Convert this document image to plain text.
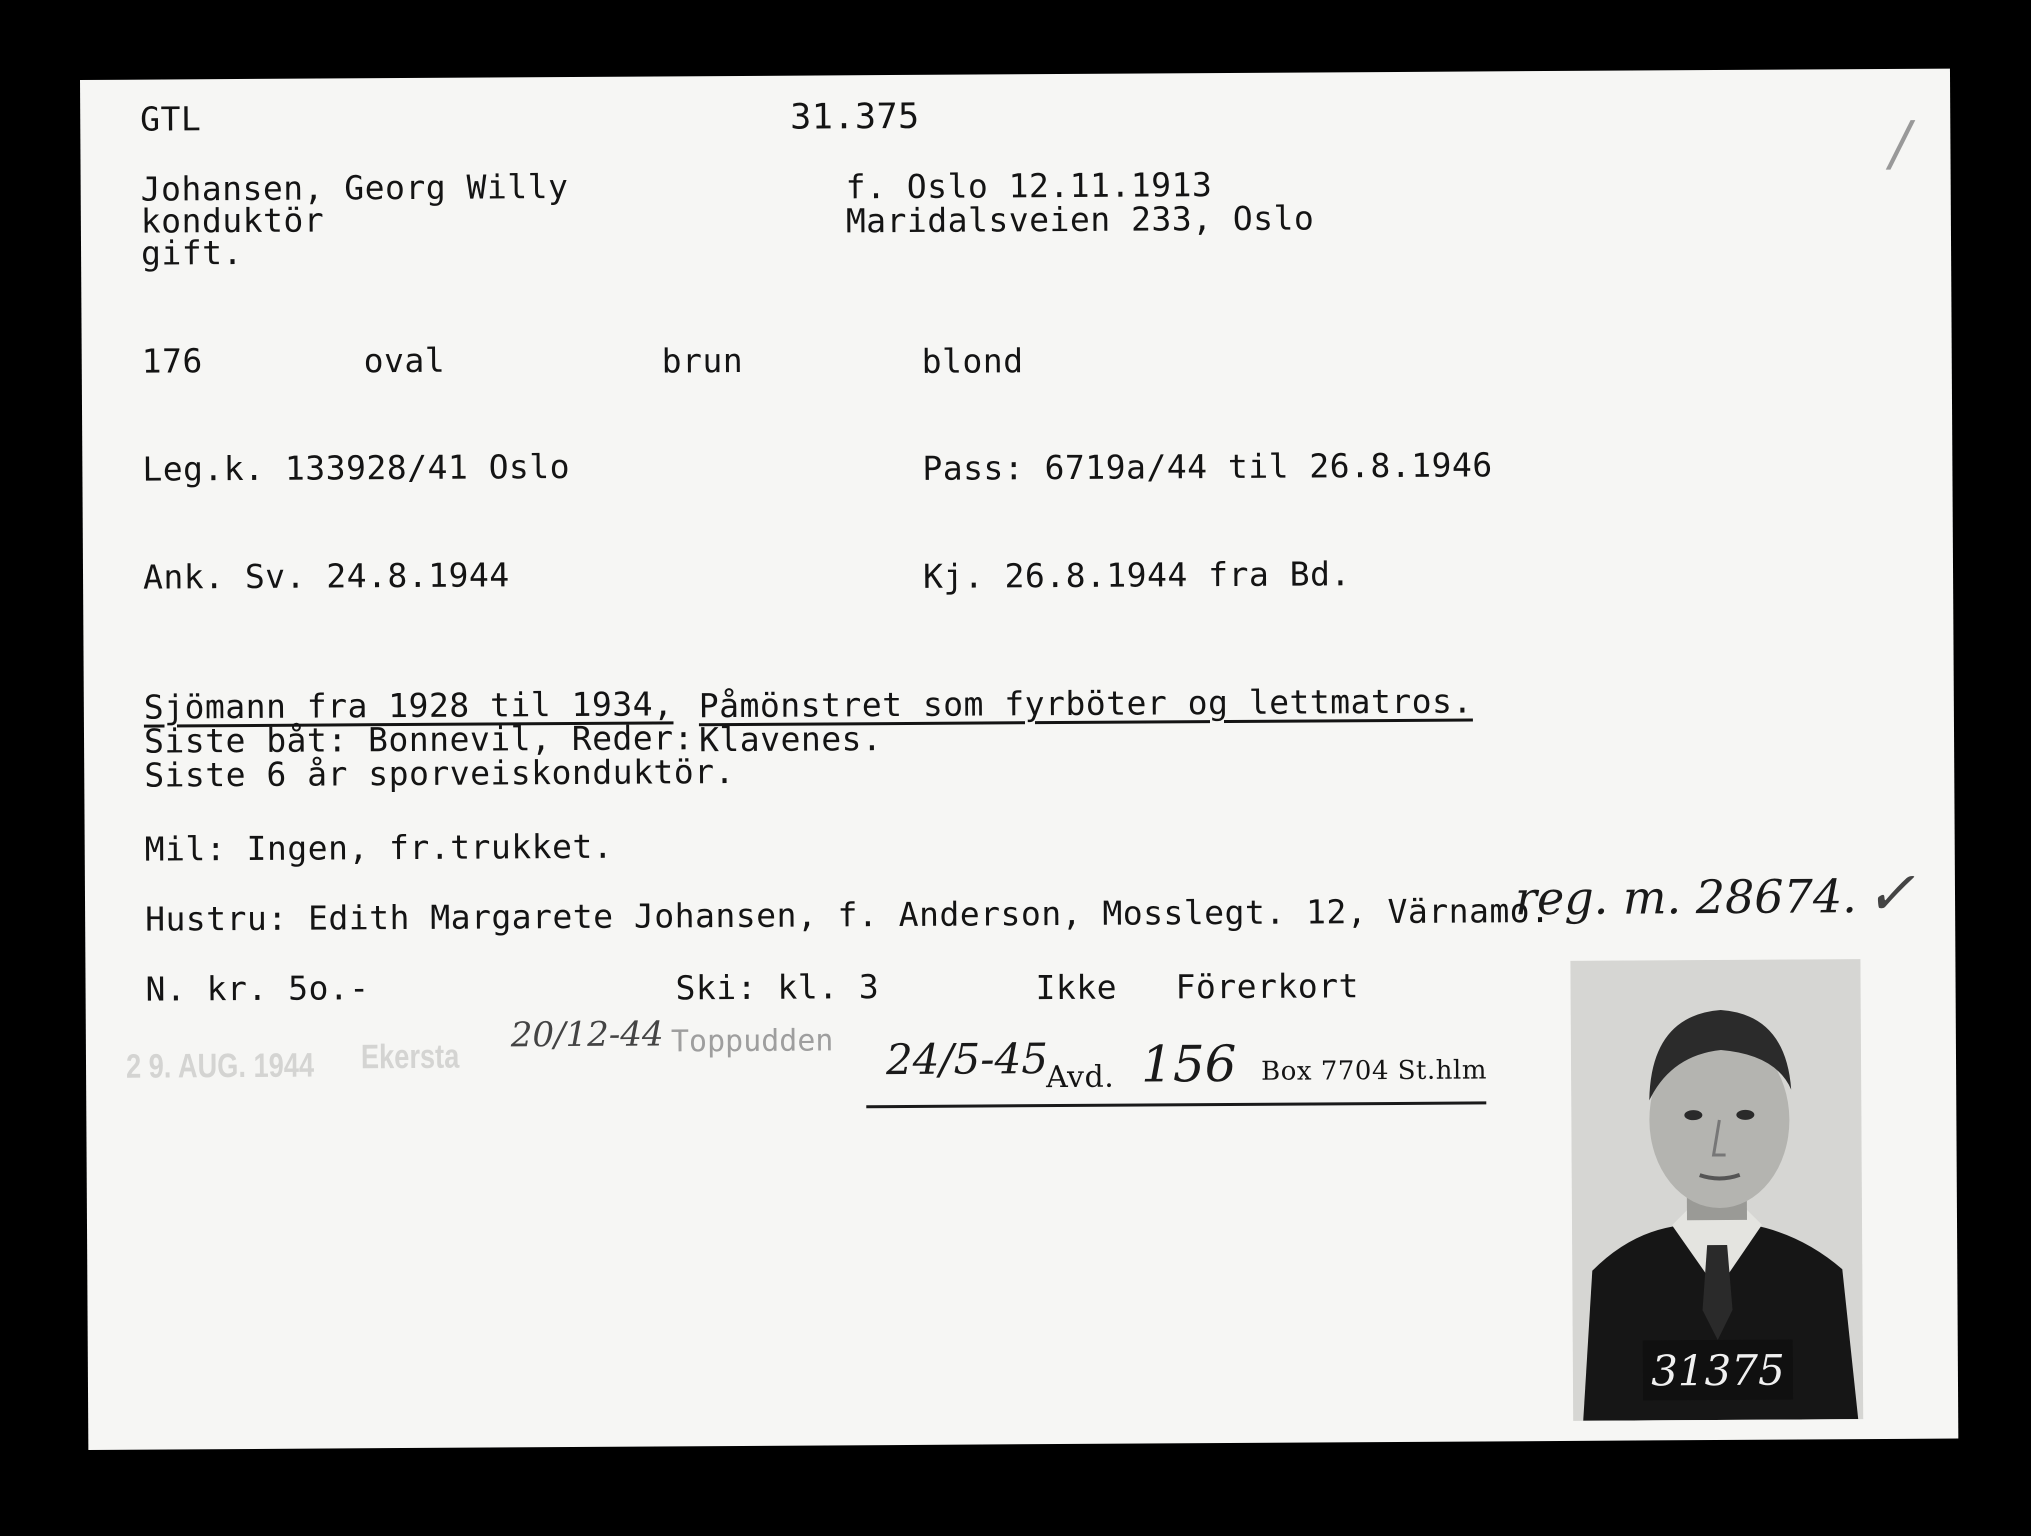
GTL	31.375
Johansen, Georg Willy
konduktör
gift.
f. Oslo 12.11.1913
Maridalsveien 233, Oslo
176	oval	brun	blond
Leg.k. 133928/41 Oslo	Pass: 6719a/44 til 26.8.1946
Ank. Sv. 24.8.1944	Kj. 26.8.1944 fra Bd.
Sjömann fra 1928 til 1934, Påmönstret som fyrböter og lettmatros.
Siste båt: Bonnevil, Reder: Klavenes.
Siste 6 år sporveiskonduktör.
Mil: Ingen, fr.trukket.
Hustru: Edith Margarete Johansen, f. Anderson, Mosslegt. 12, Värnamo.
reg. m. 28674. ✓
/
N. kr. 5o.-	Ski: kl. 3	Ikke Förerkort
2 9. AUG. 1944 Ekersta
20/12-44 Toppudden 24/5-45
Avd. 156 Box 7704 St.hlm
31375
